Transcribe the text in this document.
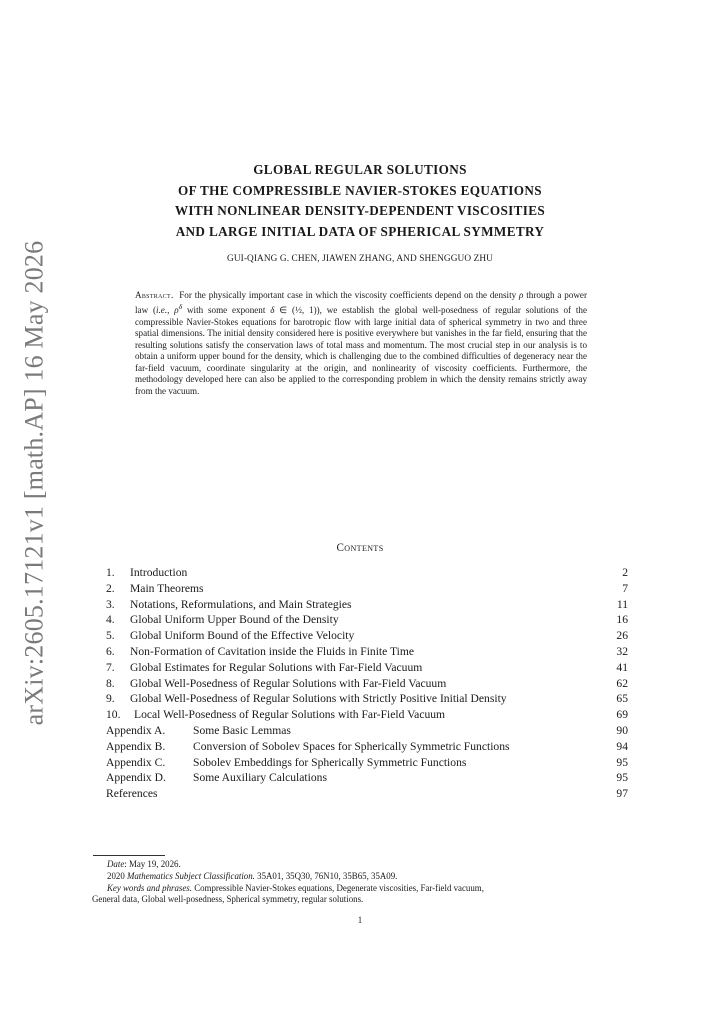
arXiv:2605.17121v1 [math.AP] 16 May 2026
GLOBAL REGULAR SOLUTIONS
OF THE COMPRESSIBLE NAVIER-STOKES EQUATIONS
WITH NONLINEAR DENSITY-DEPENDENT VISCOSITIES
AND LARGE INITIAL DATA OF SPHERICAL SYMMETRY
GUI-QIANG G. CHEN, JIAWEN ZHANG, AND SHENGGUO ZHU
Abstract. For the physically important case in which the viscosity coefficients depend on the density ρ through a power law (i.e., $\rho^\delta$ with some exponent δ ∈ (½, 1)), we establish the global well-posedness of regular solutions of the compressible Navier-Stokes equations for barotropic flow with large initial data of spherical symmetry in two and three spatial dimensions. The initial density considered here is positive everywhere but vanishes in the far field, ensuring that the resulting solutions satisfy the conservation laws of total mass and momentum. The most crucial step in our analysis is to obtain a uniform upper bound for the density, which is challenging due to the combined difficulties of degeneracy near the far-field vacuum, coordinate singularity at the origin, and nonlinearity of viscosity coefficients. Furthermore, the methodology developed here can also be applied to the corresponding problem in which the density remains strictly away from the vacuum.
Contents
1. Introduction	2
2. Main Theorems	7
3. Notations, Reformulations, and Main Strategies	11
4. Global Uniform Upper Bound of the Density	16
5. Global Uniform Bound of the Effective Velocity	26
6. Non-Formation of Cavitation inside the Fluids in Finite Time	32
7. Global Estimates for Regular Solutions with Far-Field Vacuum	41
8. Global Well-Posedness of Regular Solutions with Far-Field Vacuum	62
9. Global Well-Posedness of Regular Solutions with Strictly Positive Initial Density	65
10. Local Well-Posedness of Regular Solutions with Far-Field Vacuum	69
Appendix A. Some Basic Lemmas	90
Appendix B. Conversion of Sobolev Spaces for Spherically Symmetric Functions	94
Appendix C. Sobolev Embeddings for Spherically Symmetric Functions	95
Appendix D. Some Auxiliary Calculations	95
References	97
Date: May 19, 2026.
2020 Mathematics Subject Classification. 35A01, 35Q30, 76N10, 35B65, 35A09.
Key words and phrases. Compressible Navier-Stokes equations, Degenerate viscosities, Far-field vacuum,
General data, Global well-posedness, Spherical symmetry, regular solutions.
1
